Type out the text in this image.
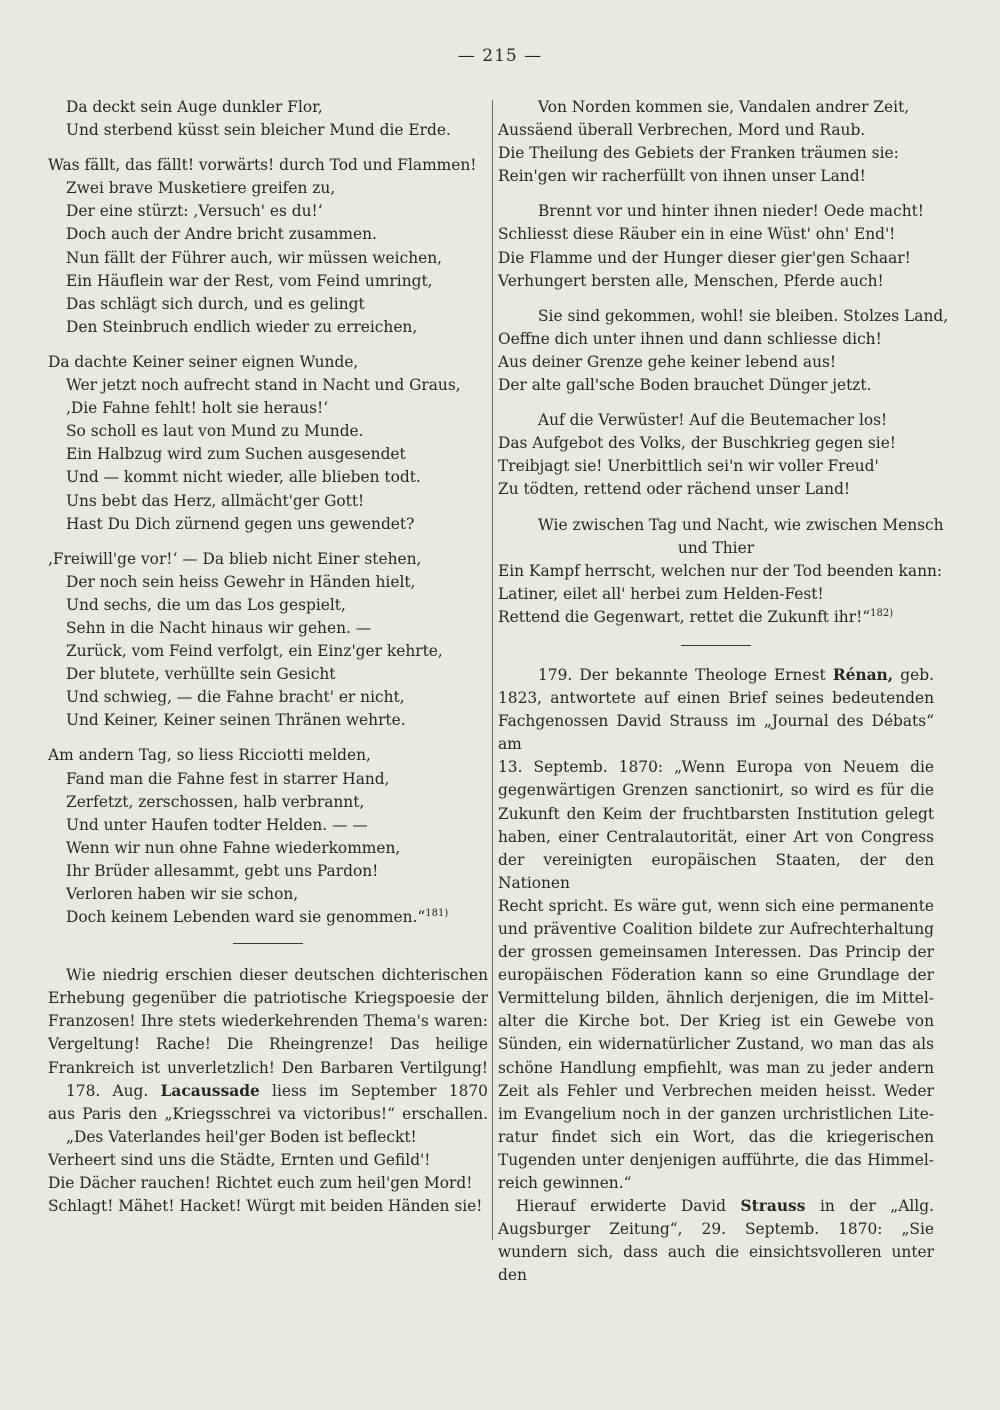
— 215 —
Da deckt sein Auge dunkler Flor,
Und sterbend küsst sein bleicher Mund die Erde.
Was fällt, das fällt! vorwärts! durch Tod und Flammen!
Zwei brave Musketiere greifen zu,
Der eine stürzt: ‚Versuch' es du!‘
Doch auch der Andre bricht zusammen.
Nun fällt der Führer auch, wir müssen weichen,
Ein Häuflein war der Rest, vom Feind umringt,
Das schlägt sich durch, und es gelingt
Den Steinbruch endlich wieder zu erreichen,
Da dachte Keiner seiner eignen Wunde,
Wer jetzt noch aufrecht stand in Nacht und Graus,
‚Die Fahne fehlt! holt sie heraus!‘
So scholl es laut von Mund zu Munde.
Ein Halbzug wird zum Suchen ausgesendet
Und — kommt nicht wieder, alle blieben todt.
Uns bebt das Herz, allmächt'ger Gott!
Hast Du Dich zürnend gegen uns gewendet?
‚Freiwill'ge vor!‘ — Da blieb nicht Einer stehen,
Der noch sein heiss Gewehr in Händen hielt,
Und sechs, die um das Los gespielt,
Sehn in die Nacht hinaus wir gehen. —
Zurück, vom Feind verfolgt, ein Einz'ger kehrte,
Der blutete, verhüllte sein Gesicht
Und schwieg, — die Fahne bracht' er nicht,
Und Keiner, Keiner seinen Thränen wehrte.
Am andern Tag, so liess Ricciotti melden,
Fand man die Fahne fest in starrer Hand,
Zerfetzt, zerschossen, halb verbrannt,
Und unter Haufen todter Helden. — —
Wenn wir nun ohne Fahne wiederkommen,
Ihr Brüder allesammt, gebt uns Pardon!
Verloren haben wir sie schon,
Doch keinem Lebenden ward sie genommen.“$^{181)}$
Wie niedrig erschien dieser deutschen dichterischen
Erhebung gegenüber die patriotische Kriegspoesie der
Franzosen! Ihre stets wiederkehrenden Thema's waren:
Vergeltung! Rache! Die Rheingrenze! Das heilige
Frankreich ist unverletzlich! Den Barbaren Vertilgung!
178. Aug. Lacaussade liess im September 1870
aus Paris den „Kriegsschrei va victoribus!“ erschallen.
„Des Vaterlandes heil'ger Boden ist befleckt!
Verheert sind uns die Städte, Ernten und Gefild'!
Die Dächer rauchen! Richtet euch zum heil'gen Mord!
Schlagt! Mähet! Hacket! Würgt mit beiden Händen sie!
Von Norden kommen sie, Vandalen andrer Zeit,
Aussäend überall Verbrechen, Mord und Raub.
Die Theilung des Gebiets der Franken träumen sie:
Rein'gen wir racherfüllt von ihnen unser Land!
Brennt vor und hinter ihnen nieder! Oede macht!
Schliesst diese Räuber ein in eine Wüst' ohn' End'!
Die Flamme und der Hunger dieser gier'gen Schaar!
Verhungert bersten alle, Menschen, Pferde auch!
Sie sind gekommen, wohl! sie bleiben. Stolzes Land,
Oeffne dich unter ihnen und dann schliesse dich!
Aus deiner Grenze gehe keiner lebend aus!
Der alte gall'sche Boden brauchet Dünger jetzt.
Auf die Verwüster! Auf die Beutemacher los!
Das Aufgebot des Volks, der Buschkrieg gegen sie!
Treibjagt sie! Unerbittlich sei'n wir voller Freud'
Zu tödten, rettend oder rächend unser Land!
Wie zwischen Tag und Nacht, wie zwischen Mensch
und Thier
Ein Kampf herrscht, welchen nur der Tod beenden kann:
Latiner, eilet all' herbei zum Helden-Fest!
Rettend die Gegenwart, rettet die Zukunft ihr!“$^{182)}$
179. Der bekannte Theologe Ernest Rénan, geb.
1823, antwortete auf einen Brief seines bedeutenden
Fachgenossen David Strauss im „Journal des Débats“ am
13. Septemb. 1870: „Wenn Europa von Neuem die
gegenwärtigen Grenzen sanctionirt, so wird es für die
Zukunft den Keim der fruchtbarsten Institution gelegt
haben, einer Centralautorität, einer Art von Congress
der vereinigten europäischen Staaten, der den Nationen
Recht spricht. Es wäre gut, wenn sich eine permanente
und präventive Coalition bildete zur Aufrechterhaltung
der grossen gemeinsamen Interessen. Das Princip der
europäischen Föderation kann so eine Grundlage der
Vermittelung bilden, ähnlich derjenigen, die im Mittel-
alter die Kirche bot. Der Krieg ist ein Gewebe von
Sünden, ein widernatürlicher Zustand, wo man das als
schöne Handlung empfiehlt, was man zu jeder andern
Zeit als Fehler und Verbrechen meiden heisst. Weder
im Evangelium noch in der ganzen urchristlichen Lite-
ratur findet sich ein Wort, das die kriegerischen
Tugenden unter denjenigen aufführte, die das Himmel-
reich gewinnen.“
Hierauf erwiderte David Strauss in der „Allg.
Augsburger Zeitung“, 29. Septemb. 1870: „Sie
wundern sich, dass auch die einsichtsvolleren unter den
